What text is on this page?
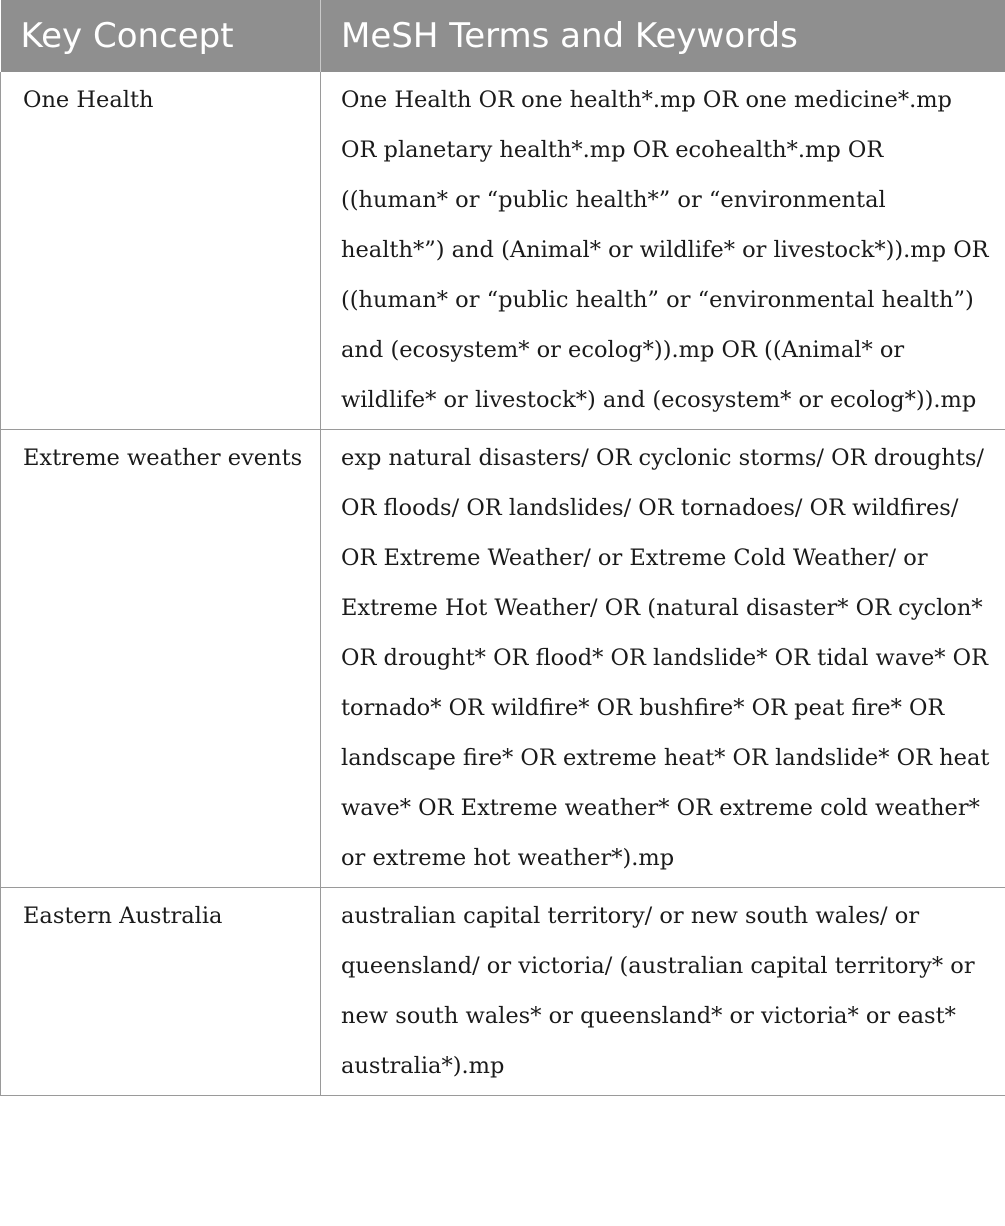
Key Concept	MeSH Terms and Keywords
One Health	One Health OR one health*.mp OR one medicine*.mp OR planetary health*.mp OR ecohealth*.mp OR ((human* or “public health*” or “environmental health*”) and (Animal* or wildlife* or livestock*)).mp OR ((human* or “public health” or “environmental health”) and (ecosystem* or ecolog*)).mp OR ((Animal* or wildlife* or livestock*) and (ecosystem* or ecolog*)).mp
Extreme weather events	exp natural disasters/ OR cyclonic storms/ OR droughts/ OR floods/ OR landslides/ OR tornadoes/ OR wildfires/ OR Extreme Weather/ or Extreme Cold Weather/ or Extreme Hot Weather/ OR (natural disaster* OR cyclon* OR drought* OR flood* OR landslide* OR tidal wave* OR tornado* OR wildfire* OR bushfire* OR peat fire* OR landscape fire* OR extreme heat* OR landslide* OR heat wave* OR Extreme weather* OR extreme cold weather* or extreme hot weather*).mp
Eastern Australia	australian capital territory/ or new south wales/ or queensland/ or victoria/ (australian capital territory* or new south wales* or queensland* or victoria* or east* australia*).mp
